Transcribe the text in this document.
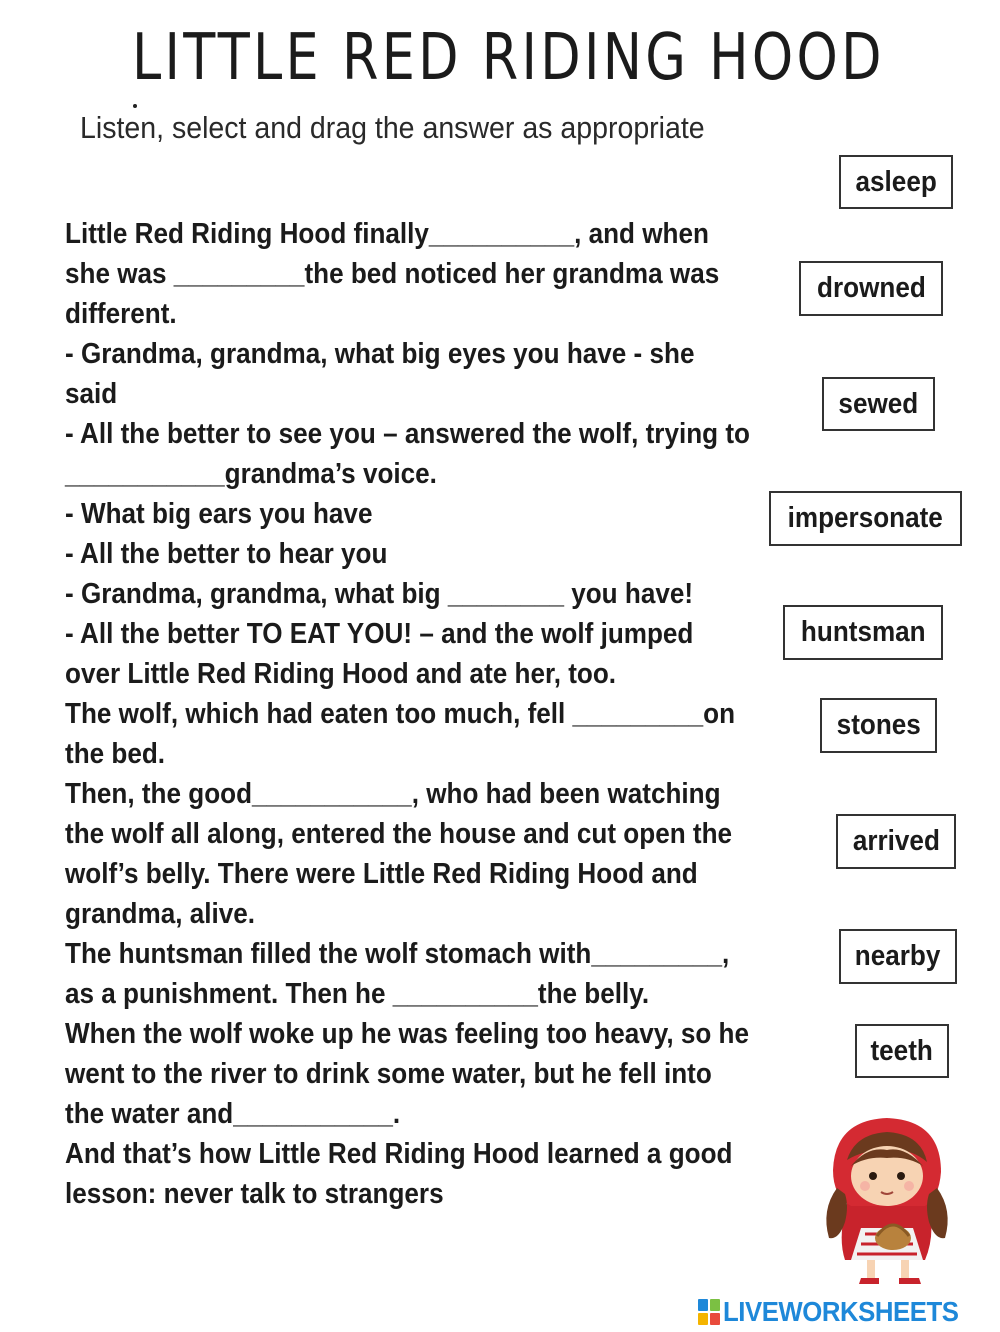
LITTLE RED RIDING HOOD
Listen, select and drag the answer as appropriate
Little Red Riding Hood finally__________, and when
she was _________the bed noticed her grandma was
different.
- Grandma, grandma, what big eyes you have - she
said
- All the better to see you – answered the wolf, trying to
___________grandma’s voice.
- What big ears you have
- All the better to hear you
- Grandma, grandma, what big ________ you have!
- All the better TO EAT YOU! – and the wolf jumped
over Little Red Riding Hood and ate her, too.
The wolf, which had eaten too much, fell _________on
the bed.
Then, the good___________, who had been watching
the wolf all along, entered the house and cut open the
wolf’s belly. There were Little Red Riding Hood and
grandma, alive.
The huntsman filled the wolf stomach with_________,
as a punishment. Then he __________the belly.
When the wolf woke up he was feeling too heavy, so he
went to the river to drink some water, but he fell into
the water and___________.
And that’s how Little Red Riding Hood learned a good
lesson: never talk to strangers
asleep
drowned
sewed
impersonate
huntsman
stones
arrived
nearby
teeth
LIVEWORKSHEETS
